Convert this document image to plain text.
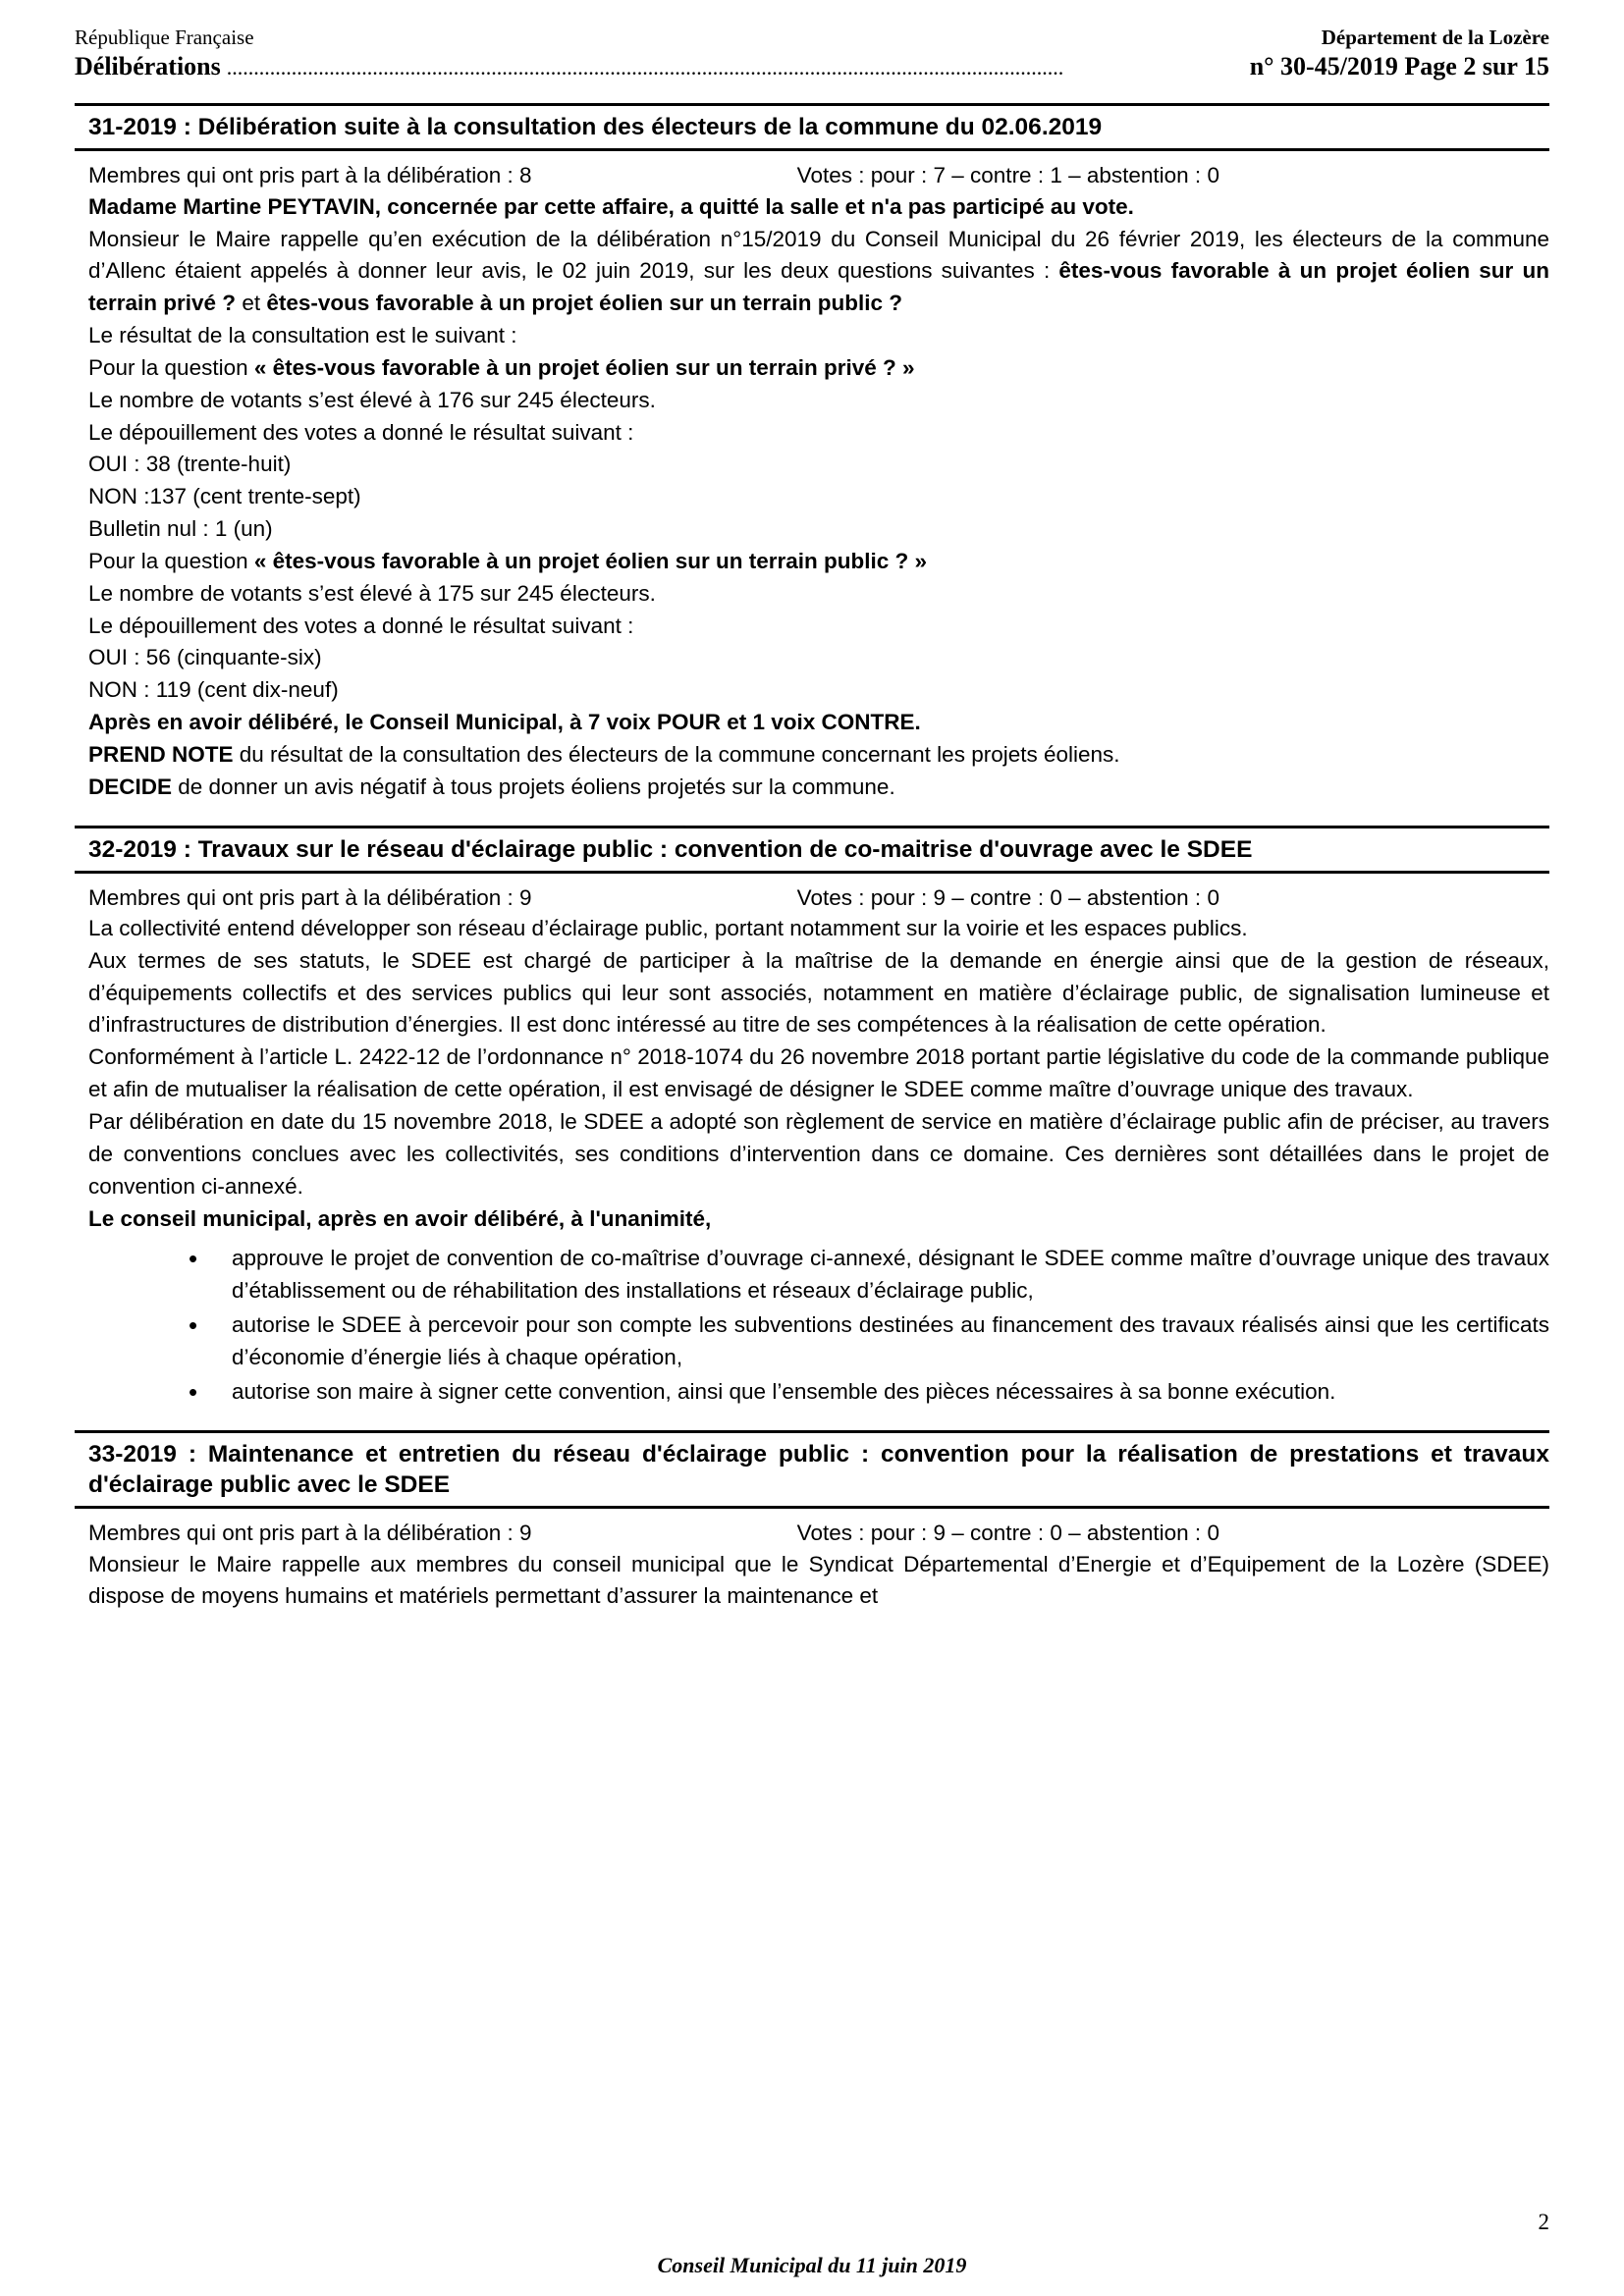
République Française	Département de la Lozère
Délibérations ...........................................................................................................................................................	n° 30-45/2019 Page 2 sur 15
31-2019 : Délibération suite à la consultation des électeurs de la commune du 02.06.2019
Membres qui ont pris part à la délibération : 8	Votes : pour : 7 – contre : 1 – abstention : 0

Madame Martine PEYTAVIN, concernée par cette affaire, a quitté la salle et n'a pas participé au vote.

Monsieur le Maire rappelle qu’en exécution de la délibération n°15/2019 du Conseil Municipal du 26 février 2019, les électeurs de la commune d’Allenc étaient appelés à donner leur avis, le 02 juin 2019, sur les deux questions suivantes : êtes-vous favorable à un projet éolien sur un terrain privé ? et êtes-vous favorable à un projet éolien sur un terrain public ?

Le résultat de la consultation est le suivant :

Pour la question « êtes-vous favorable à un projet éolien sur un terrain privé ? »

Le nombre de votants s’est élevé à 176 sur 245 électeurs.

Le dépouillement des votes a donné le résultat suivant :

OUI : 38 (trente-huit)

NON :137 (cent trente-sept)

Bulletin nul : 1 (un)

Pour la question « êtes-vous favorable à un projet éolien sur un terrain public ? »

Le nombre de votants s’est élevé à 175 sur 245 électeurs.

Le dépouillement des votes a donné le résultat suivant :

OUI : 56 (cinquante-six)

NON : 119 (cent dix-neuf)

Après en avoir délibéré, le Conseil Municipal, à 7 voix POUR et 1 voix CONTRE.

PREND NOTE du résultat de la consultation des électeurs de la commune concernant les projets éoliens.

DECIDE de donner un avis négatif à tous projets éoliens projetés sur la commune.

32-2019 : Travaux sur le réseau d'éclairage public : convention de co-maitrise d'ouvrage avec le SDEE
Membres qui ont pris part à la délibération : 9	Votes : pour : 9 – contre : 0 – abstention : 0

La collectivité entend développer son réseau d’éclairage public, portant notamment sur la voirie et les espaces publics.

Aux termes de ses statuts, le SDEE est chargé de participer à la maîtrise de la demande en énergie ainsi que de la gestion de réseaux, d’équipements collectifs et des services publics qui leur sont associés, notamment en matière d’éclairage public, de signalisation lumineuse et d’infrastructures de distribution d’énergies. Il est donc intéressé au titre de ses compétences à la réalisation de cette opération.

Conformément à l’article L. 2422-12 de l’ordonnance n° 2018-1074 du 26 novembre 2018 portant partie législative du code de la commande publique et afin de mutualiser la réalisation de cette opération, il est envisagé de désigner le SDEE comme maître d’ouvrage unique des travaux.

Par délibération en date du 15 novembre 2018, le SDEE a adopté son règlement de service en matière d’éclairage public afin de préciser, au travers de conventions conclues avec les collectivités, ses conditions d’intervention dans ce domaine. Ces dernières sont détaillées dans le projet de convention ci-annexé.

Le conseil municipal, après en avoir délibéré, à l'unanimité,

• approuve le projet de convention de co-maîtrise d’ouvrage ci-annexé, désignant le SDEE comme maître d’ouvrage unique des travaux d’établissement ou de réhabilitation des installations et réseaux d’éclairage public,
• autorise le SDEE à percevoir pour son compte les subventions destinées au financement des travaux réalisés ainsi que les certificats d’économie d’énergie liés à chaque opération,
• autorise son maire à signer cette convention, ainsi que l’ensemble des pièces nécessaires à sa bonne exécution.
33-2019 : Maintenance et entretien du réseau d'éclairage public : convention pour la réalisation de prestations et travaux d'éclairage public avec le SDEE
Membres qui ont pris part à la délibération : 9	Votes : pour : 9 – contre : 0 – abstention : 0

Monsieur le Maire rappelle aux membres du conseil municipal que le Syndicat Départemental d’Energie et d’Equipement de la Lozère (SDEE) dispose de moyens humains et matériels permettant d’assurer la maintenance et

2
Conseil Municipal du 11 juin 2019
